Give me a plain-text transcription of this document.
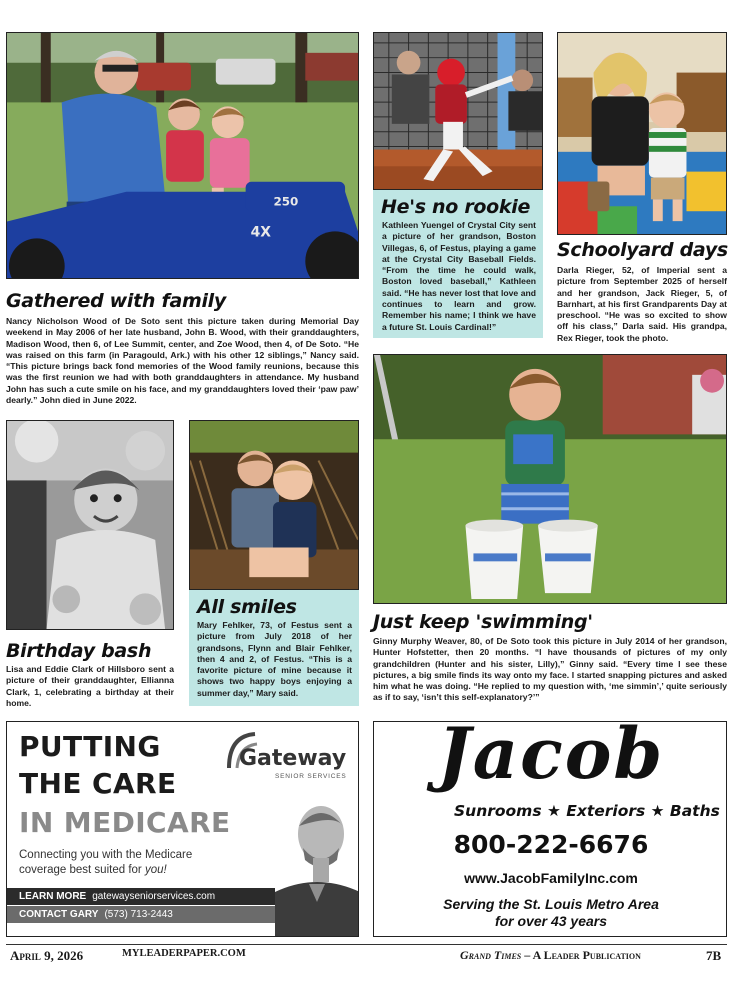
250
4X
Gathered with family
Nancy Nicholson Wood of De Soto sent this picture taken during Memorial Day weekend in May 2006 of her late husband, John B. Wood, with their granddaughters, Madison Wood, then 6, of Lee Summit, center, and Zoe Wood, then 4, of De Soto. “He was raised on this farm (in Paragould, Ark.) with his other 12 siblings,” Nancy said. “This picture brings back fond memories of the Wood family reunions, because this was the first reunion we had with both granddaughters in attendance. My husband John has such a cute smile on his face, and my granddaughters loved their ‘paw paw’ dearly.” John died in June 2022.
He's no rookie
Kathleen Yuengel of Crystal City sent a picture of her grandson, Boston Villegas, 6, of Festus, playing a game at the Crystal City Baseball Fields. “From the time he could walk, Boston loved baseball,” Kathleen said. “He has never lost that love and continues to learn and grow. Remember his name; I think we have a future St. Louis Cardinal!”
Schoolyard days
Darla Rieger, 52, of Imperial sent a picture from September 2025 of herself and her grandson, Jack Rieger, 5, of Barnhart, at his first Grandparents Day at preschool. “He was so excited to show off his class,” Darla said. His grandpa, Rex Rieger, took the photo.
Birthday bash
Lisa and Eddie Clark of Hillsboro sent a picture of their granddaughter, Ellianna Clark, 1, celebrating a birthday at their home.
All smiles
Mary Fehlker, 73, of Festus sent a picture from July 2018 of her grandsons, Flynn and Blair Fehlker, then 4 and 2, of Festus. “This is a favorite picture of mine because it shows two happy boys enjoying a summer day,” Mary said.
Just keep 'swimming'
Ginny Murphy Weaver, 80, of De Soto took this picture in July 2014 of her grandson, Hunter Hofstetter, then 20 months. “I have thousands of pictures of my only grandchildren (Hunter and his sister, Lilly),” Ginny said. “Every time I see these pictures, a big smile finds its way onto my face. I started snapping pictures and asked him what he was doing. “He replied to my question with, ‘me simmin’,’ quite seriously as if to say, ‘isn’t this self-explanatory?’”
PUTTING
THE CARE
IN MEDICARE
Connecting you with the Medicare
coverage best suited for you!
Gateway
SENIOR SERVICES
LEARN MORE gatewayseniorservices.com
CONTACT GARY (573) 713-2443
Jacob
Sunrooms ★ Exteriors ★ Baths
800-222-6676
www.JacobFamilyInc.com
Serving the St. Louis Metro Area
for over 43 years
April 9, 2026	MYLEADERPAPER.COM	Grand Times – A Leader Publication	7B
